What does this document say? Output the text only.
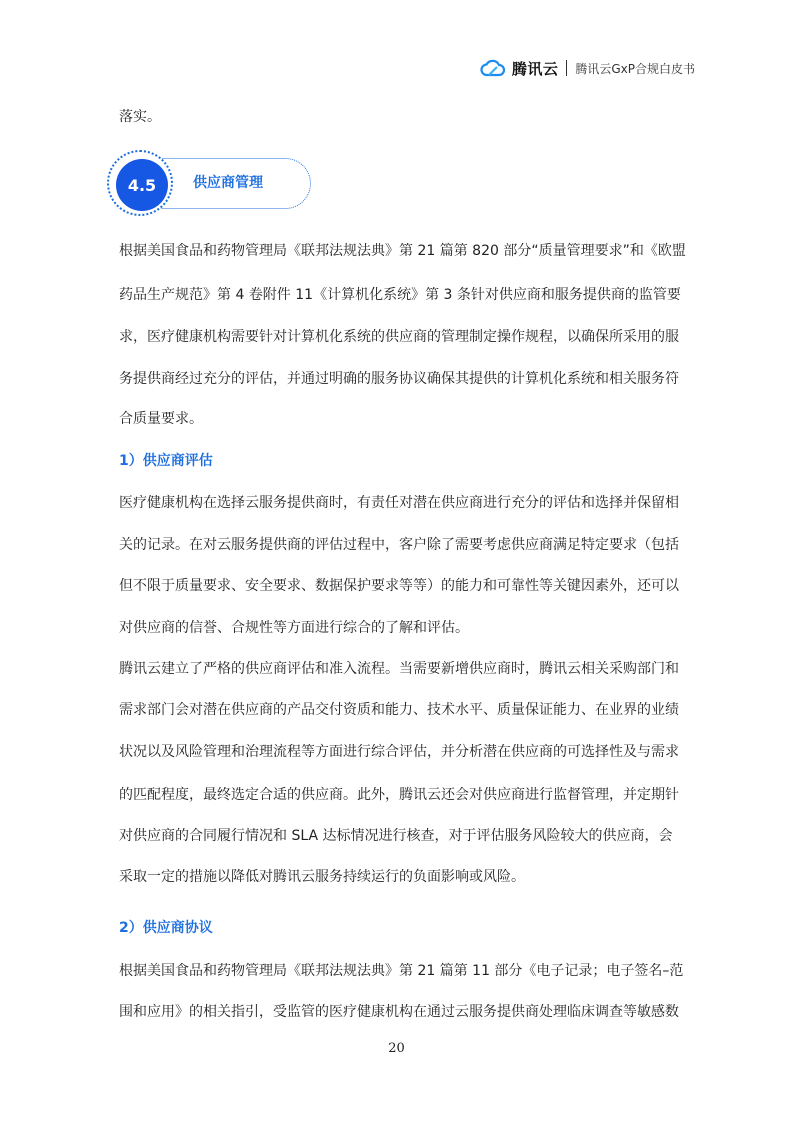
腾讯云 腾讯云GxP合规白皮书
落实。
4.5	供应商管理
根据美国食品和药物管理局《联邦法规法典》第 21 篇第 820 部分“质量管理要求”和《欧盟
药品生产规范》第 4 卷附件 11《计算机化系统》第 3 条针对供应商和服务提供商的监管要
求，医疗健康机构需要针对计算机化系统的供应商的管理制定操作规程，以确保所采用的服
务提供商经过充分的评估，并通过明确的服务协议确保其提供的计算机化系统和相关服务符
合质量要求。
1）供应商评估
医疗健康机构在选择云服务提供商时，有责任对潜在供应商进行充分的评估和选择并保留相
关的记录。在对云服务提供商的评估过程中，客户除了需要考虑供应商满足特定要求（包括
但不限于质量要求、安全要求、数据保护要求等等）的能力和可靠性等关键因素外，还可以
对供应商的信誉、合规性等方面进行综合的了解和评估。
腾讯云建立了严格的供应商评估和准入流程。当需要新增供应商时，腾讯云相关采购部门和
需求部门会对潜在供应商的产品交付资质和能力、技术水平、质量保证能力、在业界的业绩
状况以及风险管理和治理流程等方面进行综合评估，并分析潜在供应商的可选择性及与需求
的匹配程度，最终选定合适的供应商。此外，腾讯云还会对供应商进行监督管理，并定期针
对供应商的合同履行情况和 SLA 达标情况进行核查，对于评估服务风险较大的供应商，会
采取一定的措施以降低对腾讯云服务持续运行的负面影响或风险。
2）供应商协议
根据美国食品和药物管理局《联邦法规法典》第 21 篇第 11 部分《电子记录；电子签名–范
围和应用》的相关指引，受监管的医疗健康机构在通过云服务提供商处理临床调查等敏感数
20
